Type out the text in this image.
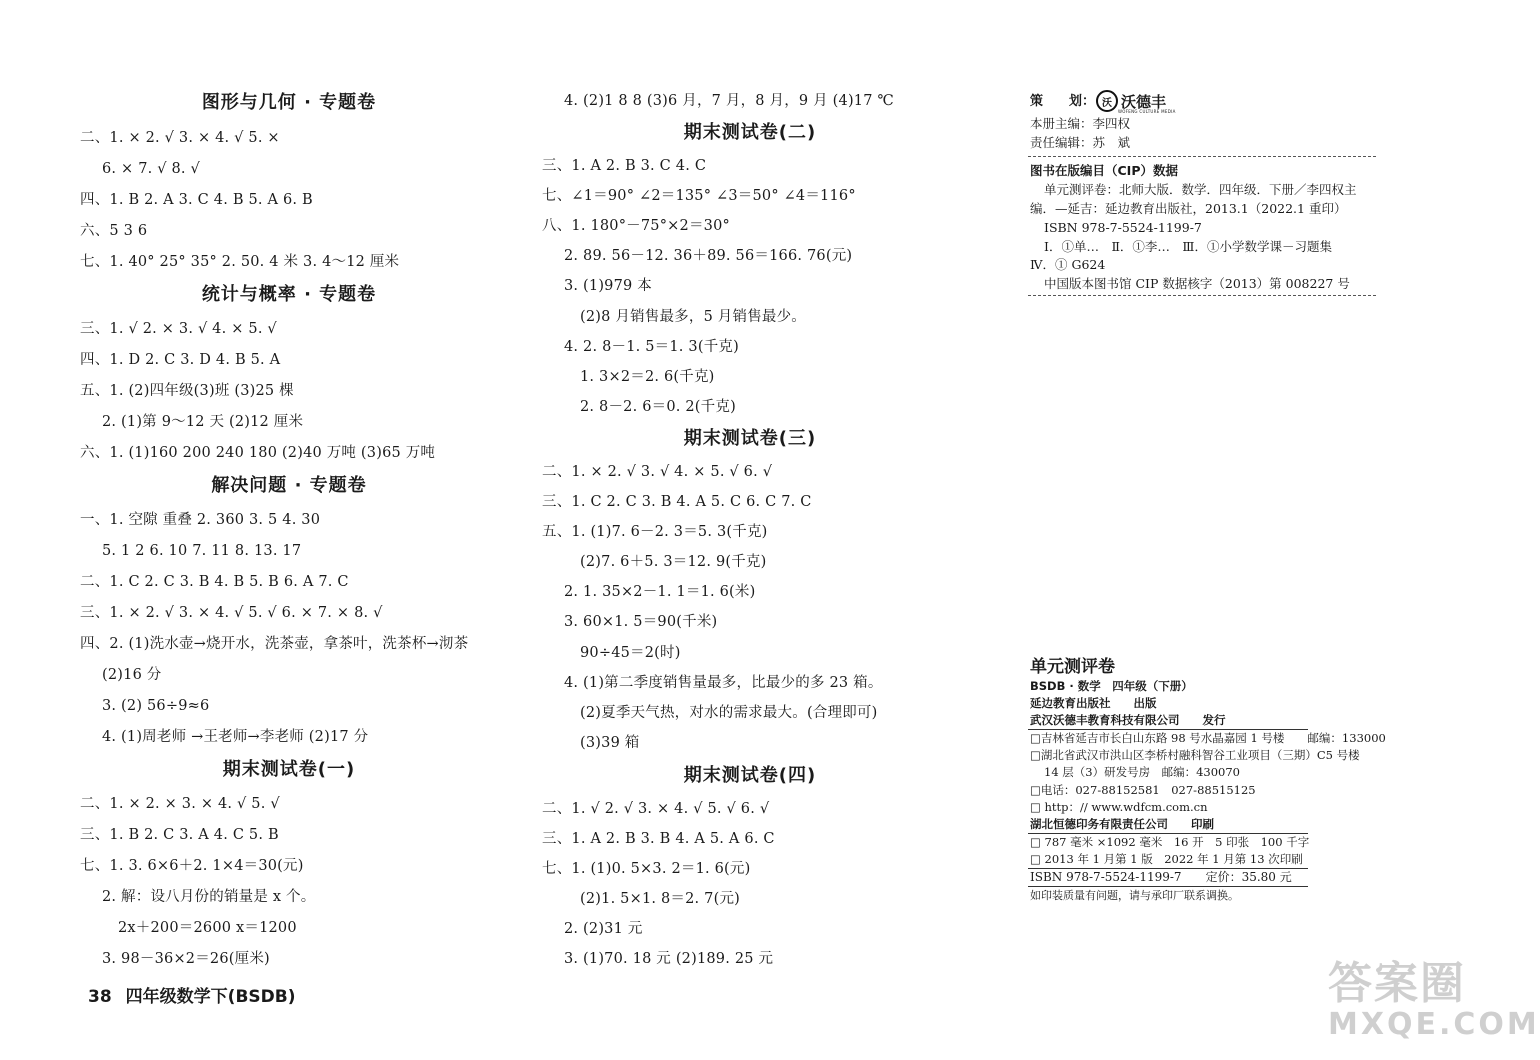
图形与几何 · 专题卷
二、1. × 2. √ 3. × 4. √ 5. ×
6. × 7. √ 8. √
四、1. B 2. A 3. C 4. B 5. A 6. B
六、5 3 6
七、1. 40° 25° 35° 2. 50. 4 米 3. 4～12 厘米
统计与概率 · 专题卷
三、1. √ 2. × 3. √ 4. × 5. √
四、1. D 2. C 3. D 4. B 5. A
五、1. (2)四年级(3)班 (3)25 棵
2. (1)第 9～12 天 (2)12 厘米
六、1. (1)160 200 240 180 (2)40 万吨 (3)65 万吨
解决问题 · 专题卷
一、1. 空隙 重叠 2. 360 3. 5 4. 30
5. 1 2 6. 10 7. 11 8. 13. 17
二、1. C 2. C 3. B 4. B 5. B 6. A 7. C
三、1. × 2. √ 3. × 4. √ 5. √ 6. × 7. × 8. √
四、2. (1)洗水壶→烧开水，洗茶壶，拿茶叶，洗茶杯→沏茶
(2)16 分
3. (2) 56÷9≈6
4. (1)周老师 →王老师→李老师 (2)17 分
期末测试卷(一)
二、1. × 2. × 3. × 4. √ 5. √
三、1. B 2. C 3. A 4. C 5. B
七、1. 3. 6×6＋2. 1×4＝30(元)
2. 解：设八月份的销量是 x 个。
2x＋200＝2600 x＝1200
3. 98－36×2＝26(厘米)
4. (2)1 8 8 (3)6 月，7 月，8 月，9 月 (4)17 ℃
期末测试卷(二)
三、1. A 2. B 3. C 4. C
七、∠1＝90° ∠2＝135° ∠3＝50° ∠4＝116°
八、1. 180°－75°×2＝30°
2. 89. 56－12. 36＋89. 56＝166. 76(元)
3. (1)979 本
(2)8 月销售最多，5 月销售最少。
4. 2. 8－1. 5＝1. 3(千克)
1. 3×2＝2. 6(千克)
2. 8－2. 6＝0. 2(千克)
期末测试卷(三)
二、1. × 2. √ 3. √ 4. × 5. √ 6. √
三、1. C 2. C 3. B 4. A 5. C 6. C 7. C
五、1. (1)7. 6－2. 3＝5. 3(千克)
(2)7. 6＋5. 3＝12. 9(千克)
2. 1. 35×2－1. 1＝1. 6(米)
3. 60×1. 5＝90(千米)
90÷45＝2(时)
4. (1)第二季度销售量最多，比最少的多 23 箱。
(2)夏季天气热，对水的需求最大。(合理即可)
(3)39 箱
期末测试卷(四)
二、1. √ 2. √ 3. × 4. √ 5. √ 6. √
三、1. A 2. B 3. B 4. A 5. A 6. C
七、1. (1)0. 5×3. 2＝1. 6(元)
(2)1. 5×1. 8＝2. 7(元)
2. (2)31 元
3. (1)70. 18 元 (2)189. 25 元
38 四年级数学下(BSDB)
策　　划： 沃 沃德丰
WOFENG CULTURE MEDIA
本册主编：李四权
责任编辑：苏　斌
图书在版编目（CIP）数据
单元测评卷：北师大版．数学．四年级．下册／李四权主
编．—延吉：延边教育出版社，2013.1（2022.1 重印）
ISBN 978-7-5524-1199-7
Ⅰ．①单…　Ⅱ．①李…　Ⅲ．①小学数学课－习题集
Ⅳ．① G624
中国版本图书馆 CIP 数据核字（2013）第 008227 号
单元测评卷
BSDB · 数学　四年级（下册）
延边教育出版社　　出版
武汉沃德丰教育科技有限公司　　发行
□吉林省延吉市长白山东路 98 号水晶嘉园 1 号楼　　邮编：133000
□湖北省武汉市洪山区李桥村融科智谷工业项目（三期）C5 号楼
14 层（3）研发号房　邮编：430070
□电话：027-88152581　027-88515125
□ http：// www.wdfcm.com.cn
湖北恒德印务有限责任公司　　印刷
□ 787 毫米 ×1092 毫米　16 开　5 印张　100 千字
□ 2013 年 1 月第 1 版　2022 年 1 月第 13 次印刷
ISBN 978-7-5524-1199-7　　定价：35.80 元
如印装质量有问题，请与承印厂联系调换。
答案圈
MXQE.COM
